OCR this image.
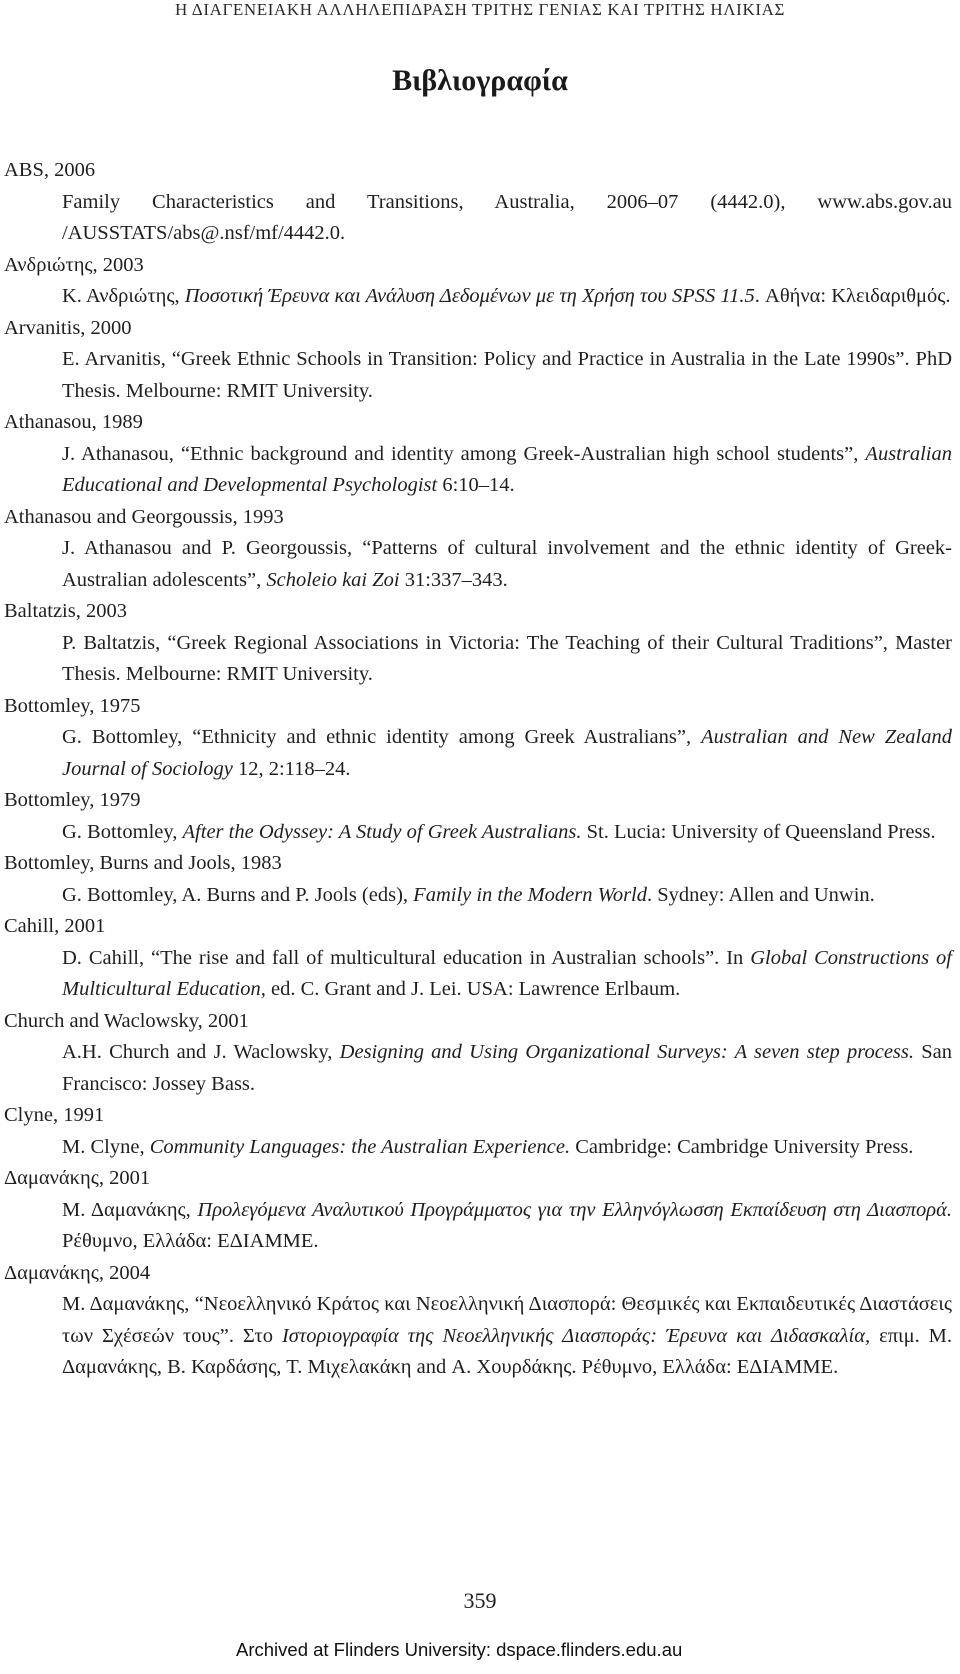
Η ΔΙΑΓΕΝΕΙΑΚΗ ΑΛΛΗΛΕΠΙΔΡΑΣΗ ΤΡΙΤΗΣ ΓΕΝΙΑΣ ΚΑΙ ΤΡΙΤΗΣ ΗΛΙΚΙΑΣ
Βιβλιογραφία
ABS, 2006
Family Characteristics and Transitions, Australia, 2006–07 (4442.0), www.abs.gov.au /AUSSTATS/abs@.nsf/mf/4442.0.
Ανδριώτης, 2003
Κ. Ανδριώτης, Ποσοτική Έρευνα και Ανάλυση Δεδομένων με τη Χρήση του SPSS 11.5. Αθήνα: Κλειδαριθμός.
Arvanitis, 2000
E. Arvanitis, “Greek Ethnic Schools in Transition: Policy and Practice in Australia in the Late 1990s”. PhD Thesis. Melbourne: RMIT University.
Athanasou, 1989
J. Athanasou, “Ethnic background and identity among Greek-Australian high school students”, Australian Educational and Developmental Psychologist 6:10–14.
Athanasou and Georgoussis, 1993
J. Athanasou and P. Georgoussis, “Patterns of cultural involvement and the ethnic identity of Greek-Australian adolescents”, Scholeio kai Zoi 31:337–343.
Baltatzis, 2003
P. Baltatzis, “Greek Regional Associations in Victoria: The Teaching of their Cultural Traditions”, Master Thesis. Melbourne: RMIT University.
Bottomley, 1975
G. Bottomley, “Ethnicity and ethnic identity among Greek Australians”, Australian and New Zealand Journal of Sociology 12, 2:118–24.
Bottomley, 1979
G. Bottomley, After the Odyssey: A Study of Greek Australians. St. Lucia: University of Queensland Press.
Bottomley, Burns and Jools, 1983
G. Bottomley, A. Burns and P. Jools (eds), Family in the Modern World. Sydney: Allen and Unwin.
Cahill, 2001
D. Cahill, “The rise and fall of multicultural education in Australian schools”. In Global Constructions of Multicultural Education, ed. C. Grant and J. Lei. USA: Lawrence Erlbaum.
Church and Waclowsky, 2001
A.H. Church and J. Waclowsky, Designing and Using Organizational Surveys: A seven step process. San Francisco: Jossey Bass.
Clyne, 1991
M. Clyne, Community Languages: the Australian Experience. Cambridge: Cambridge University Press.
Δαμανάκης, 2001
Μ. Δαμανάκης, Προλεγόμενα Αναλυτικού Προγράμματος για την Ελληνόγλωσση Εκπαίδευση στη Διασπορά. Ρέθυμνο, Ελλάδα: ΕΔΙΑΜΜΕ.
Δαμανάκης, 2004
Μ. Δαμανάκης, “Νεοελληνικό Κράτος και Νεοελληνική Διασπορά: Θεσμικές και Εκπαιδευτικές Διαστάσεις των Σχέσεών τους”. Στο Ιστοριογραφία της Νεοελληνικής Διασποράς: Έρευνα και Διδασκαλία, επιμ. Μ. Δαμανάκης, Β. Καρδάσης, Τ. Μιχελακάκη and Α. Χουρδάκης. Ρέθυμνο, Ελλάδα: ΕΔΙΑΜΜΕ.
359
Archived at Flinders University: dspace.flinders.edu.au
